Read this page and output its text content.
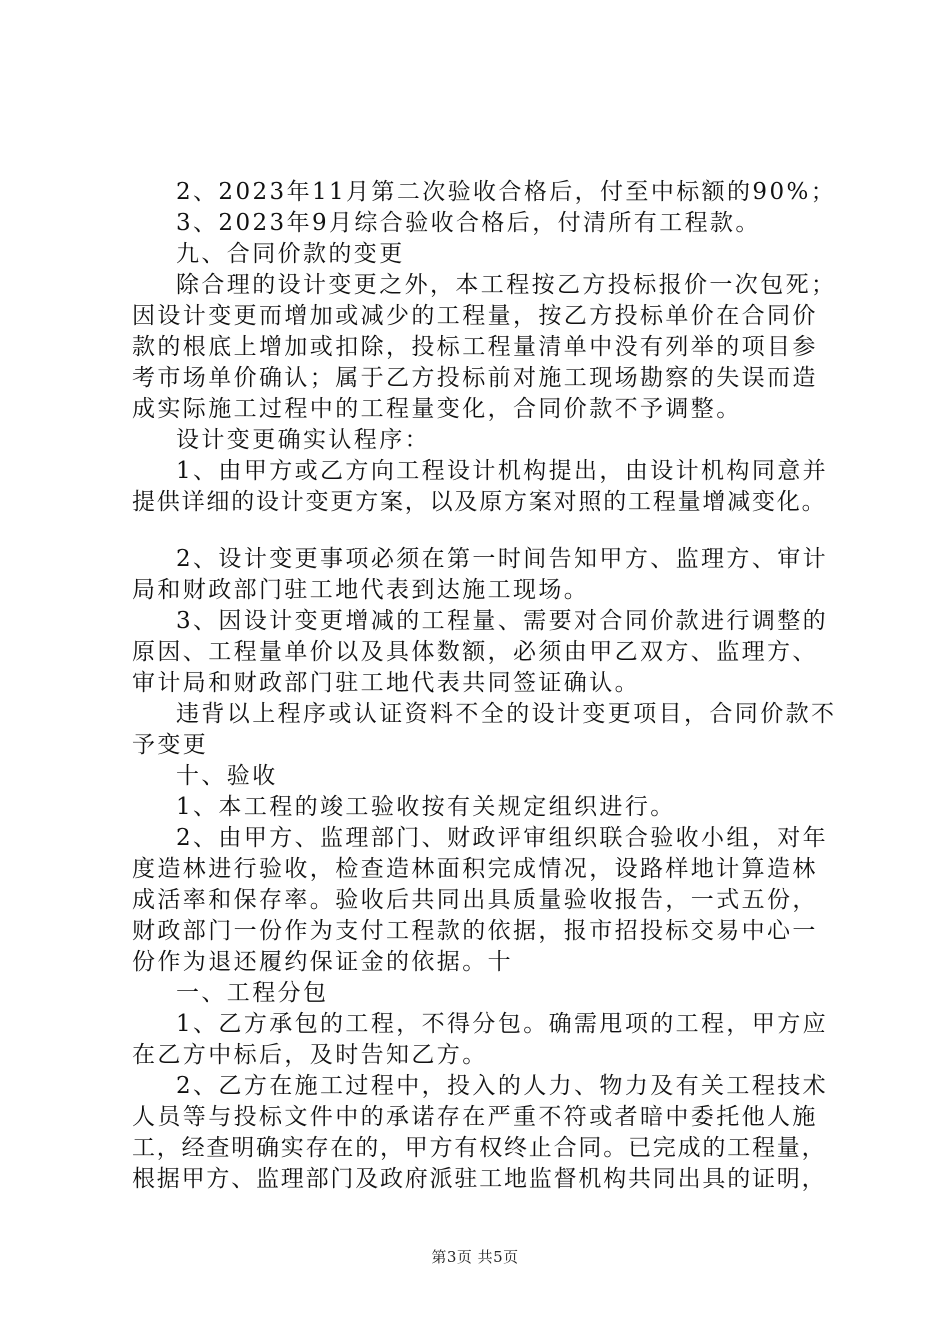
2、2023年11月第二次验收合格后，付至中标额的90%；
3、2023年9月综合验收合格后，付清所有工程款。
九、合同价款的变更
除合理的设计变更之外，本工程按乙方投标报价一次包死；
因设计变更而增加或减少的工程量，按乙方投标单价在合同价
款的根底上增加或扣除，投标工程量清单中没有列举的项目参
考市场单价确认；属于乙方投标前对施工现场勘察的失误而造
成实际施工过程中的工程量变化，合同价款不予调整。
设计变更确实认程序：
1、由甲方或乙方向工程设计机构提出，由设计机构同意并
提供详细的设计变更方案，以及原方案对照的工程量增减变化。
2、设计变更事项必须在第一时间告知甲方、监理方、审计
局和财政部门驻工地代表到达施工现场。
3、因设计变更增减的工程量、需要对合同价款进行调整的
原因、工程量单价以及具体数额，必须由甲乙双方、监理方、
审计局和财政部门驻工地代表共同签证确认。
违背以上程序或认证资料不全的设计变更项目，合同价款不
予变更
十、验收
1、本工程的竣工验收按有关规定组织进行。
2、由甲方、监理部门、财政评审组织联合验收小组，对年
度造林进行验收，检查造林面积完成情况，设路样地计算造林
成活率和保存率。验收后共同出具质量验收报告，一式五份，
财政部门一份作为支付工程款的依据，报市招投标交易中心一
份作为退还履约保证金的依据。十
一、工程分包
1、乙方承包的工程，不得分包。确需甩项的工程，甲方应
在乙方中标后，及时告知乙方。
2、乙方在施工过程中，投入的人力、物力及有关工程技术
人员等与投标文件中的承诺存在严重不符或者暗中委托他人施
工，经查明确实存在的，甲方有权终止合同。已完成的工程量，
根据甲方、监理部门及政府派驻工地监督机构共同出具的证明，
第3页 共5页
